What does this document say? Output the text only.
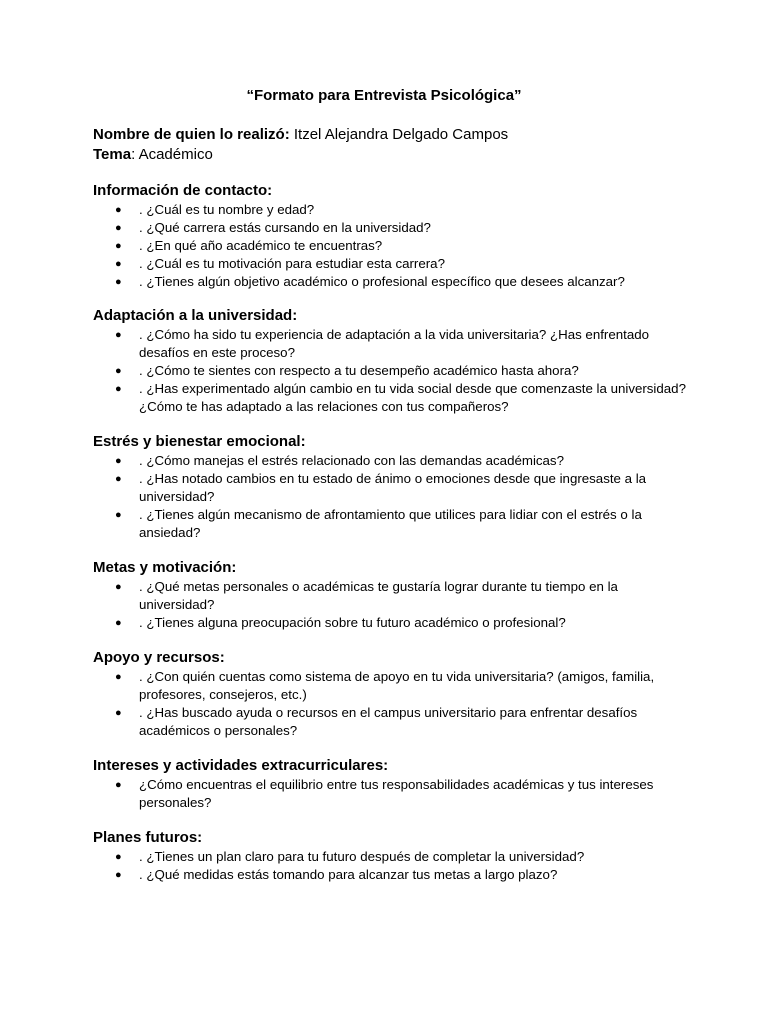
“Formato para Entrevista Psicológica”
Nombre de quien lo realizó: Itzel Alejandra Delgado Campos
Tema: Académico
Información de contacto:
● . ¿Cuál es tu nombre y edad?
● . ¿Qué carrera estás cursando en la universidad?
● . ¿En qué año académico te encuentras?
● . ¿Cuál es tu motivación para estudiar esta carrera?
● . ¿Tienes algún objetivo académico o profesional específico que desees alcanzar?
Adaptación a la universidad:
● . ¿Cómo ha sido tu experiencia de adaptación a la vida universitaria? ¿Has enfrentado desafíos en este proceso?
● . ¿Cómo te sientes con respecto a tu desempeño académico hasta ahora?
● . ¿Has experimentado algún cambio en tu vida social desde que comenzaste la universidad? ¿Cómo te has adaptado a las relaciones con tus compañeros?
Estrés y bienestar emocional:
● . ¿Cómo manejas el estrés relacionado con las demandas académicas?
● . ¿Has notado cambios en tu estado de ánimo o emociones desde que ingresaste a la universidad?
● . ¿Tienes algún mecanismo de afrontamiento que utilices para lidiar con el estrés o la ansiedad?
Metas y motivación:
● . ¿Qué metas personales o académicas te gustaría lograr durante tu tiempo en la universidad?
● . ¿Tienes alguna preocupación sobre tu futuro académico o profesional?
Apoyo y recursos:
● . ¿Con quién cuentas como sistema de apoyo en tu vida universitaria? (amigos, familia, profesores, consejeros, etc.)
● . ¿Has buscado ayuda o recursos en el campus universitario para enfrentar desafíos académicos o personales?
Intereses y actividades extracurriculares:
● ¿Cómo encuentras el equilibrio entre tus responsabilidades académicas y tus intereses personales?
Planes futuros:
● . ¿Tienes un plan claro para tu futuro después de completar la universidad?
● . ¿Qué medidas estás tomando para alcanzar tus metas a largo plazo?
